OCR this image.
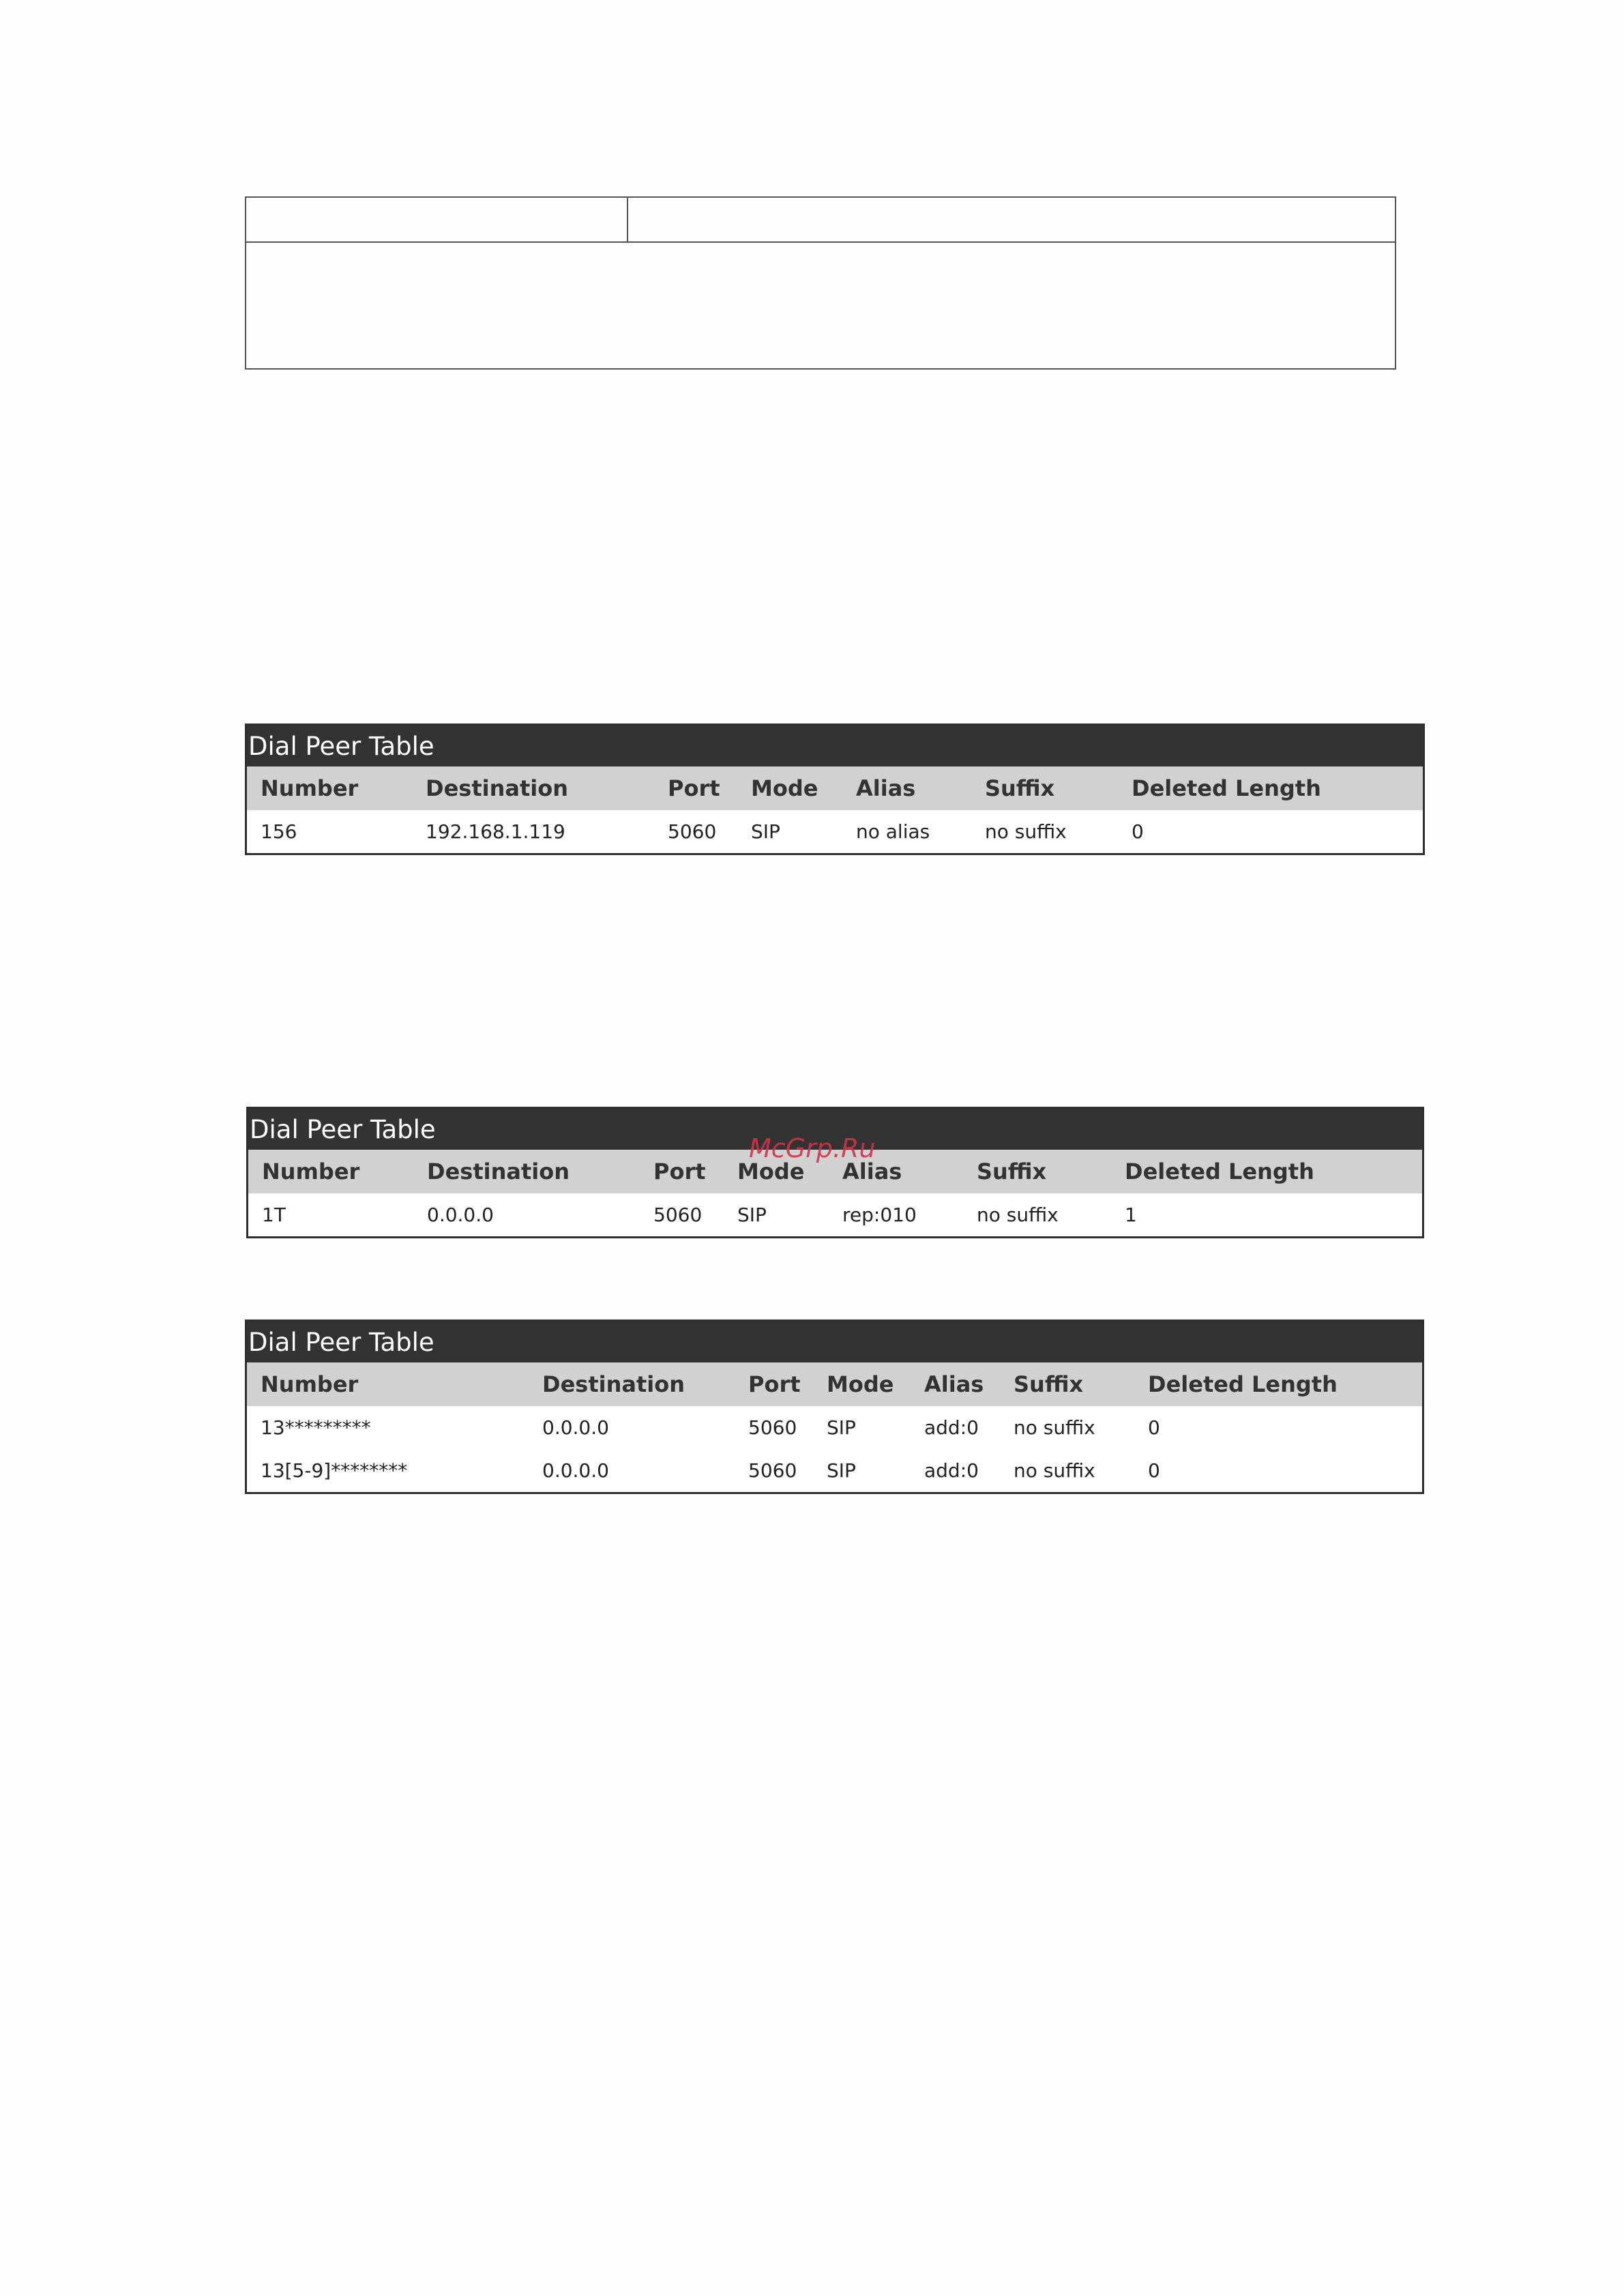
Dial Peer Table
Number	Destination	Port Mode Alias	Suffix	Deleted Length
156	192.168.1.119	5060 SIP	no alias	no suffix	0
Dial Peer Table
Number	Destination	Port Mode Alias	Suffix	Deleted Length
1T	0.0.0.0	5060 SIP	rep:010	no suffix	1
Dial Peer Table
Number	Destination	Port Mode Alias Suffix	Deleted Length
13*********	0.0.0.0	5060 SIP	add:0 no suffix	0
13[5-9]********	0.0.0.0	5060 SIP	add:0 no suffix	0
McGrp.Ru
